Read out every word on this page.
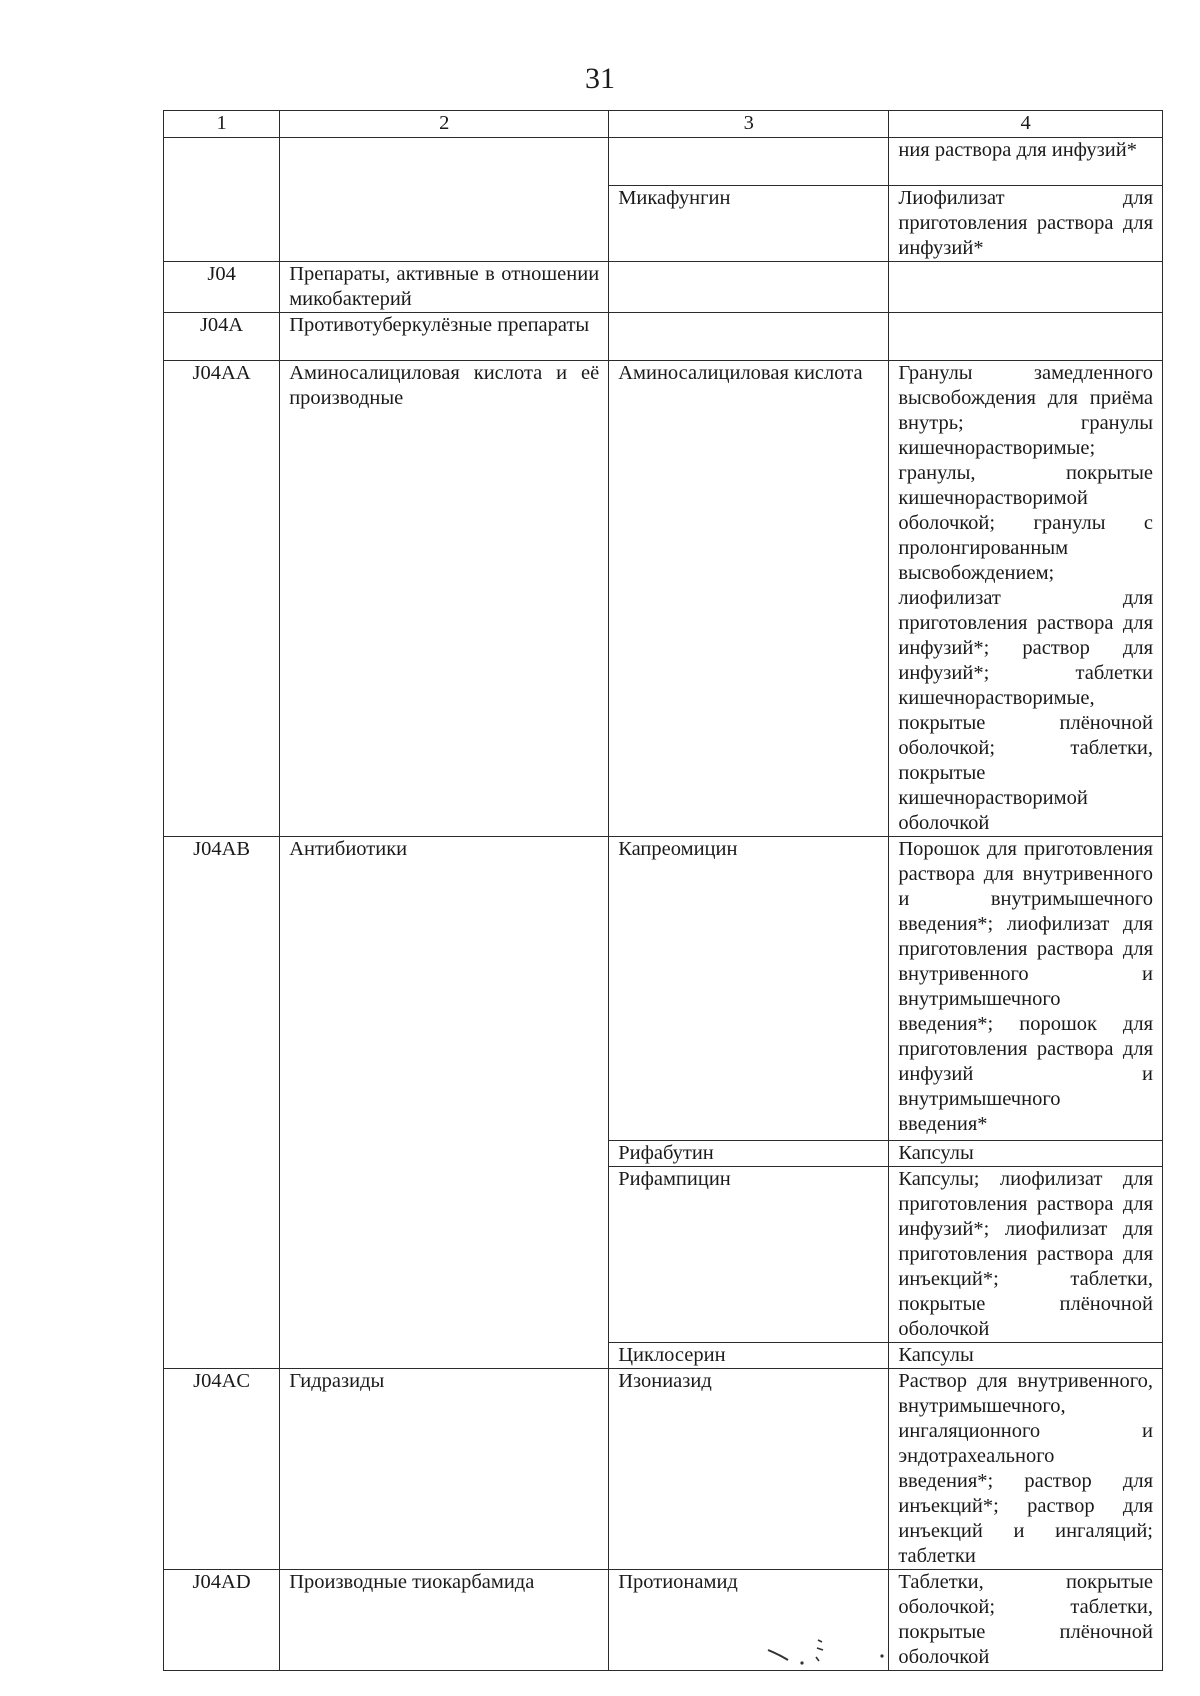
31
1	2	3	4
			ния раствора для инфузий*
		Микафунгин	Лиофилизат для приготовления раствора для инфузий*
J04	Препараты, активные в отношении микобактерий		
J04A	Противотуберкулёзные препараты		
J04AA	Аминосалициловая кислота и её производные	Аминосалициловая кислота	Гранулы замедленного высвобождения для приёма внутрь; гранулы кишечнорастворимые; гранулы, покрытые кишечнорастворимой оболочкой; гранулы с пролонгированным высвобождением; лиофилизат для приготовления раствора для инфузий*; раствор для инфузий*; таблетки кишечнорастворимые, покрытые плёночной оболочкой; таблетки, покрытые кишечнорастворимой оболочкой
J04AB	Антибиотики	Капреомицин	Порошок для приготовления раствора для внутривенного и внутримышечного введения*; лиофилизат для приготовления раствора для внутривенного и внутримышечного введения*; порошок для приготовления раствора для инфузий и внутримышечного введения*
		Рифабутин	Капсулы
		Рифампицин	Капсулы; лиофилизат для приготовления раствора для инфузий*; лиофилизат для приготовления раствора для инъекций*; таблетки, покрытые плёночной оболочкой
		Циклосерин	Капсулы
J04AC	Гидразиды	Изониазид	Раствор для внутривенного, внутримышечного, ингаляционного и эндотрахеального введения*; раствор для инъекций*; раствор для инъекций и ингаляций; таблетки
J04AD	Производные тиокарбамида	Протионамид	Таблетки, покрытые оболочкой; таблетки, покрытые плёночной оболочкой
